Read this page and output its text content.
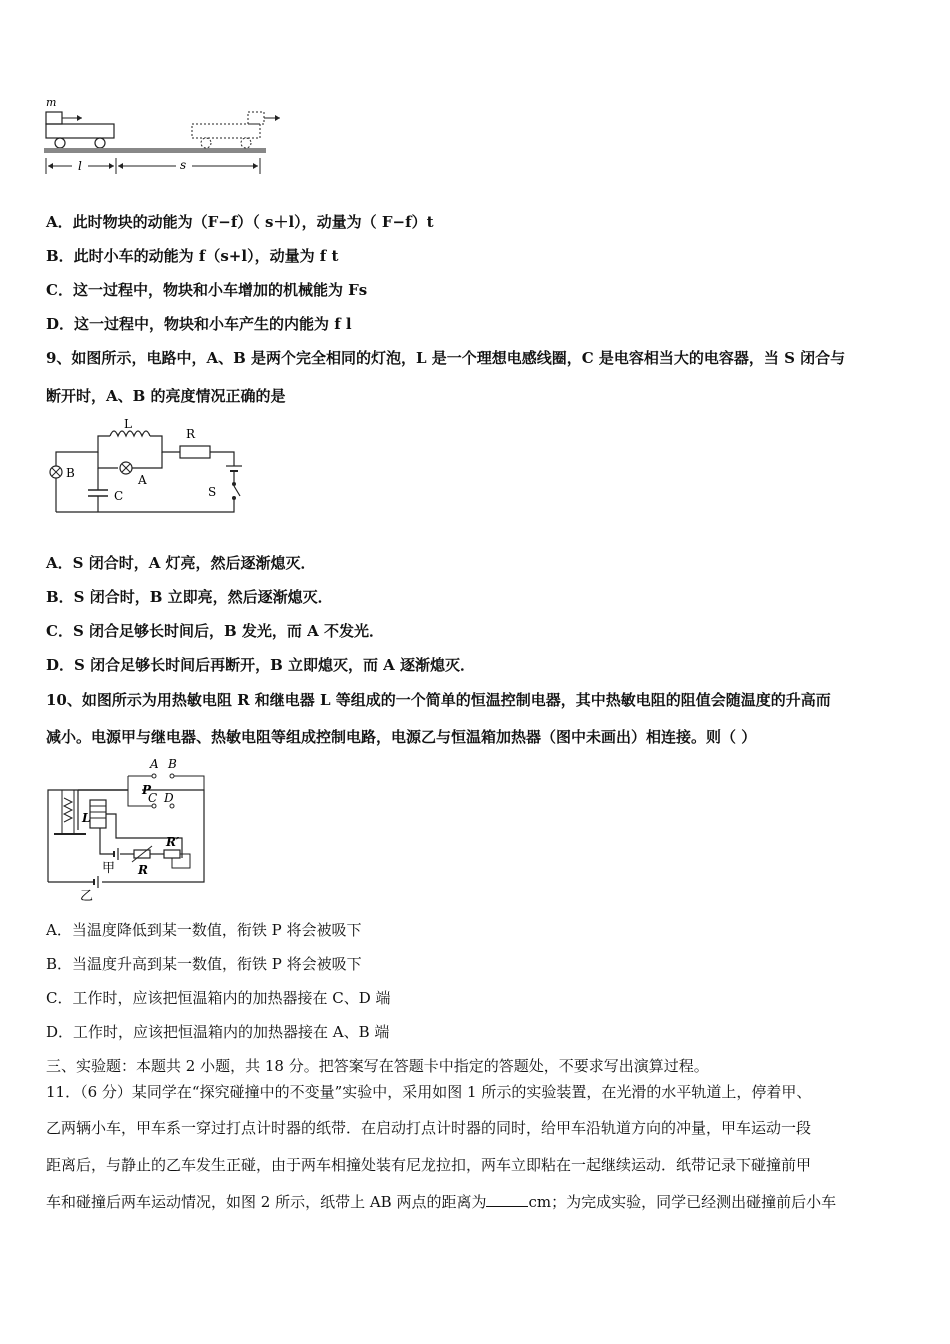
m
l	s
A．此时物块的动能为（F−f）（ s＋l），动量为（ F−f）t
B．此时小车的动能为 f（s+l），动量为 f t
C．这一过程中，物块和小车增加的机械能为 Fs
D．这一过程中，物块和小车产生的内能为 f l
9、如图所示，电路中，A、B 是两个完全相同的灯泡，L 是一个理想电感线圈，C 是电容相当大的电容器，当 S 闭合与
断开时，A、B 的亮度情况正确的是
L
R
S
A
B
C
A．S 闭合时，A 灯亮，然后逐渐熄灭．
B．S 闭合时，B 立即亮，然后逐渐熄灭．
C．S 闭合足够长时间后，B 发光，而 A 不发光．
D．S 闭合足够长时间后再断开，B 立即熄灭，而 A 逐渐熄灭．
10、如图所示为用热敏电阻 R 和继电器 L 等组成的一个简单的恒温控制电器，其中热敏电阻的阻值会随温度的升高而
减小。电源甲与继电器、热敏电阻等组成控制电路，电源乙与恒温箱加热器（图中未画出）相连接。则（ ）
乙
L
P
A B
C D
R′
R
甲
A．当温度降低到某一数值，衔铁 P 将会被吸下
B．当温度升高到某一数值，衔铁 P 将会被吸下
C．工作时，应该把恒温箱内的加热器接在 C、D 端
D．工作时，应该把恒温箱内的加热器接在 A、B 端
三、实验题：本题共 2 小题，共 18 分。把答案写在答题卡中指定的答题处，不要求写出演算过程。
11．（6 分）某同学在“探究碰撞中的不变量”实验中，采用如图 1 所示的实验装置，在光滑的水平轨道上，停着甲、
乙两辆小车，甲车系一穿过打点计时器的纸带．在启动打点计时器的同时，给甲车沿轨道方向的冲量，甲车运动一段
距离后，与静止的乙车发生正碰，由于两车相撞处装有尼龙拉扣，两车立即粘在一起继续运动．纸带记录下碰撞前甲
车和碰撞后两车运动情况，如图 2 所示，纸带上 AB 两点的距离为	cm；为完成实验，同学已经测出碰撞前后小车
